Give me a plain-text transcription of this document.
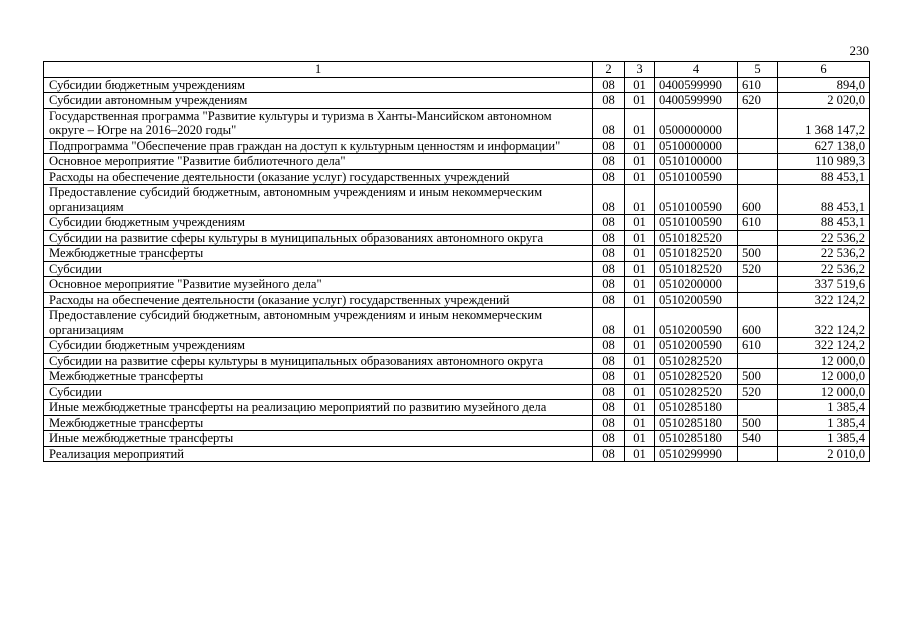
230
1	2	3	4	5	6
Субсидии бюджетным учреждениям	08	01	0400599990	610	894,0
Субсидии автономным учреждениям	08	01	0400599990	620	2 020,0
Государственная программа "Развитие культуры и туризма в Ханты-Мансийском автономном округе – Югре на 2016–2020 годы"	08	01	0500000000		1 368 147,2
Подпрограмма "Обеспечение прав граждан на доступ к культурным ценностям и информации"	08	01	0510000000		627 138,0
Основное мероприятие "Развитие библиотечного дела"	08	01	0510100000		110 989,3
Расходы на обеспечение деятельности (оказание услуг) государственных учреждений	08	01	0510100590		88 453,1
Предоставление субсидий бюджетным, автономным учреждениям и иным некоммерческим организациям	08	01	0510100590	600	88 453,1
Субсидии бюджетным учреждениям	08	01	0510100590	610	88 453,1
Субсидии на развитие сферы культуры в муниципальных образованиях автономного округа	08	01	0510182520		22 536,2
Межбюджетные трансферты	08	01	0510182520	500	22 536,2
Субсидии	08	01	0510182520	520	22 536,2
Основное мероприятие "Развитие музейного дела"	08	01	0510200000		337 519,6
Расходы на обеспечение деятельности (оказание услуг) государственных учреждений	08	01	0510200590		322 124,2
Предоставление субсидий бюджетным, автономным учреждениям и иным некоммерческим организациям	08	01	0510200590	600	322 124,2
Субсидии бюджетным учреждениям	08	01	0510200590	610	322 124,2
Субсидии на развитие сферы культуры в муниципальных образованиях автономного округа	08	01	0510282520		12 000,0
Межбюджетные трансферты	08	01	0510282520	500	12 000,0
Субсидии	08	01	0510282520	520	12 000,0
Иные межбюджетные трансферты на реализацию мероприятий по развитию музейного дела	08	01	0510285180		1 385,4
Межбюджетные трансферты	08	01	0510285180	500	1 385,4
Иные межбюджетные трансферты	08	01	0510285180	540	1 385,4
Реализация мероприятий	08	01	0510299990		2 010,0
